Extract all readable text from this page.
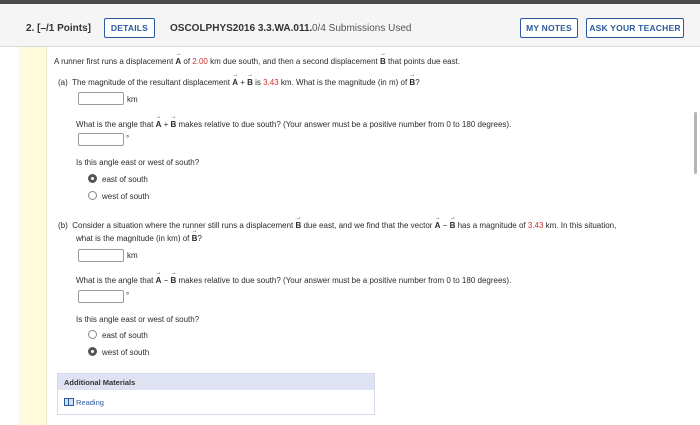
2. [–/1 Points]	DETAILS	OSCOLPHYS2016 3.3.WA.011. 0/4 Submissions Used	MY NOTES	ASK YOUR TEACHER
A runner first runs a displacement → A of 2.00 km due south, and then a second displacement → B that points due east.
(a) The magnitude of the resultant displacement → A + → B is 3.43 km. What is the magnitude (in m) of → B?
km
What is the angle that → A + → B makes relative to due south? (Your answer must be a positive number from 0 to 180 degrees).
°
Is this angle east or west of south?
east of south
west of south
(b) Consider a situation where the runner still runs a displacement → B due east, and we find that the vector → A − → B has a magnitude of 3.43 km. In this situation,
what is the magnitude (in km) of → B?
km
What is the angle that → A − → B makes relative to due south? (Your answer must be a positive number from 0 to 180 degrees).
°
Is this angle east or west of south?
east of south
west of south
Additional Materials
Reading
